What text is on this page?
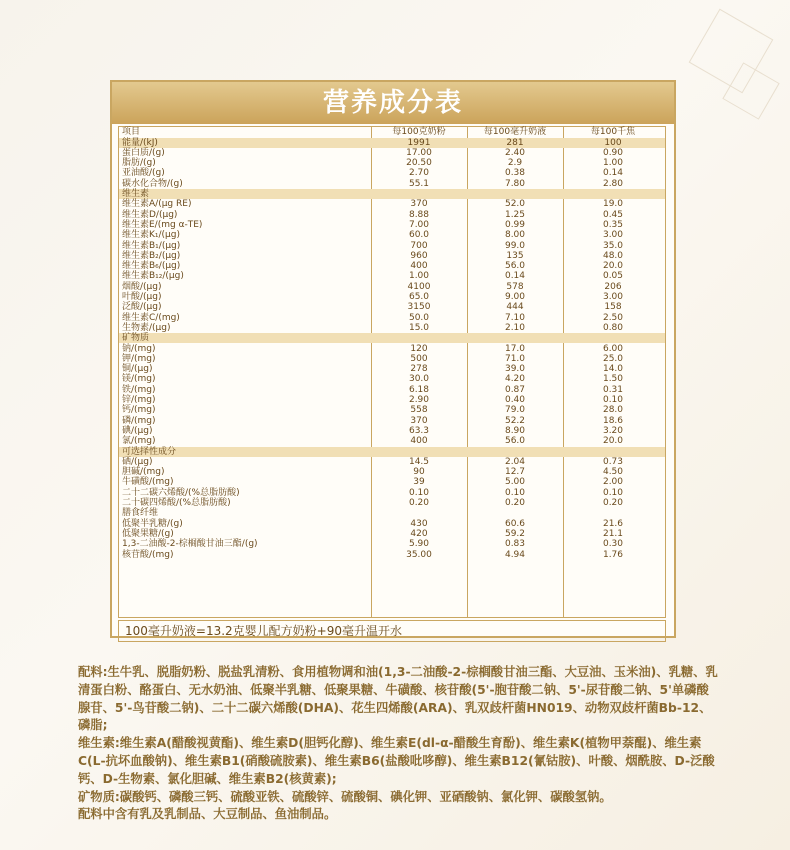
营养成分表
项目	每100克奶粉	每100毫升奶液	每100千焦
能量/(kJ)	1991	281	100
蛋白质/(g)	17.00	2.40	0.90
脂肪/(g)	20.50	2.9	1.00
亚油酸/(g)	2.70	0.38	0.14
碳水化合物/(g)	55.1	7.80	2.80
维生素
维生素A/(μg RE)	370	52.0	19.0
维生素D/(μg)	8.88	1.25	0.45
维生素E/(mg α-TE)	7.00	0.99	0.35
维生素K₁/(μg)	60.0	8.00	3.00
维生素B₁/(μg)	700	99.0	35.0
维生素B₂/(μg)	960	135	48.0
维生素B₆/(μg)	400	56.0	20.0
维生素B₁₂/(μg)	1.00	0.14	0.05
烟酸/(μg)	4100	578	206
叶酸/(μg)	65.0	9.00	3.00
泛酸/(μg)	3150	444	158
维生素C/(mg)	50.0	7.10	2.50
生物素/(μg)	15.0	2.10	0.80
矿物质
钠/(mg)	120	17.0	6.00
钾/(mg)	500	71.0	25.0
铜/(μg)	278	39.0	14.0
镁/(mg)	30.0	4.20	1.50
铁/(mg)	6.18	0.87	0.31
锌/(mg)	2.90	0.40	0.10
钙/(mg)	558	79.0	28.0
磷/(mg)	370	52.2	18.6
碘/(μg)	63.3	8.90	3.20
氯/(mg)	400	56.0	20.0
可选择性成分
硒/(μg)	14.5	2.04	0.73
胆碱/(mg)	90	12.7	4.50
牛磺酸/(mg)	39	5.00	2.00
二十二碳六烯酸/(%总脂肪酸)	0.10	0.10	0.10
二十碳四烯酸/(%总脂肪酸)	0.20	0.20	0.20
膳食纤维
低聚半乳糖/(g)	430	60.6	21.6
低聚果糖/(g)	420	59.2	21.1
1,3-二油酸-2-棕榈酸甘油三酯/(g)	5.90	0.83	0.30
核苷酸/(mg)	35.00	4.94	1.76
100毫升奶液=13.2克婴儿配方奶粉+90毫升温开水

配料:生牛乳、脱脂奶粉、脱盐乳清粉、食用植物调和油(1,3-二油酸-2-棕榈酸甘油三酯、大豆油、玉米油)、乳糖、乳清蛋白粉、酪蛋白、无水奶油、低聚半乳糖、低聚果糖、牛磺酸、核苷酸(5'-胞苷酸二钠、5'-尿苷酸二钠、5'单磷酸腺苷、5'-鸟苷酸二钠)、二十二碳六烯酸(DHA)、花生四烯酸(ARA)、乳双歧杆菌HN019、动物双歧杆菌Bb-12、磷脂;

维生素:维生素A(醋酸视黄酯)、维生素D(胆钙化醇)、维生素E(dl-α-醋酸生育酚)、维生素K(植物甲萘醌)、维生素C(L-抗坏血酸钠)、维生素B1(硝酸硫胺素)、维生素B6(盐酸吡哆醇)、维生素B12(氰钴胺)、叶酸、烟酰胺、D-泛酸钙、D-生物素、氯化胆碱、维生素B2(核黄素);

矿物质:碳酸钙、磷酸三钙、硫酸亚铁、硫酸锌、硫酸铜、碘化钾、亚硒酸钠、氯化钾、碳酸氢钠。

配料中含有乳及乳制品、大豆制品、鱼油制品。
